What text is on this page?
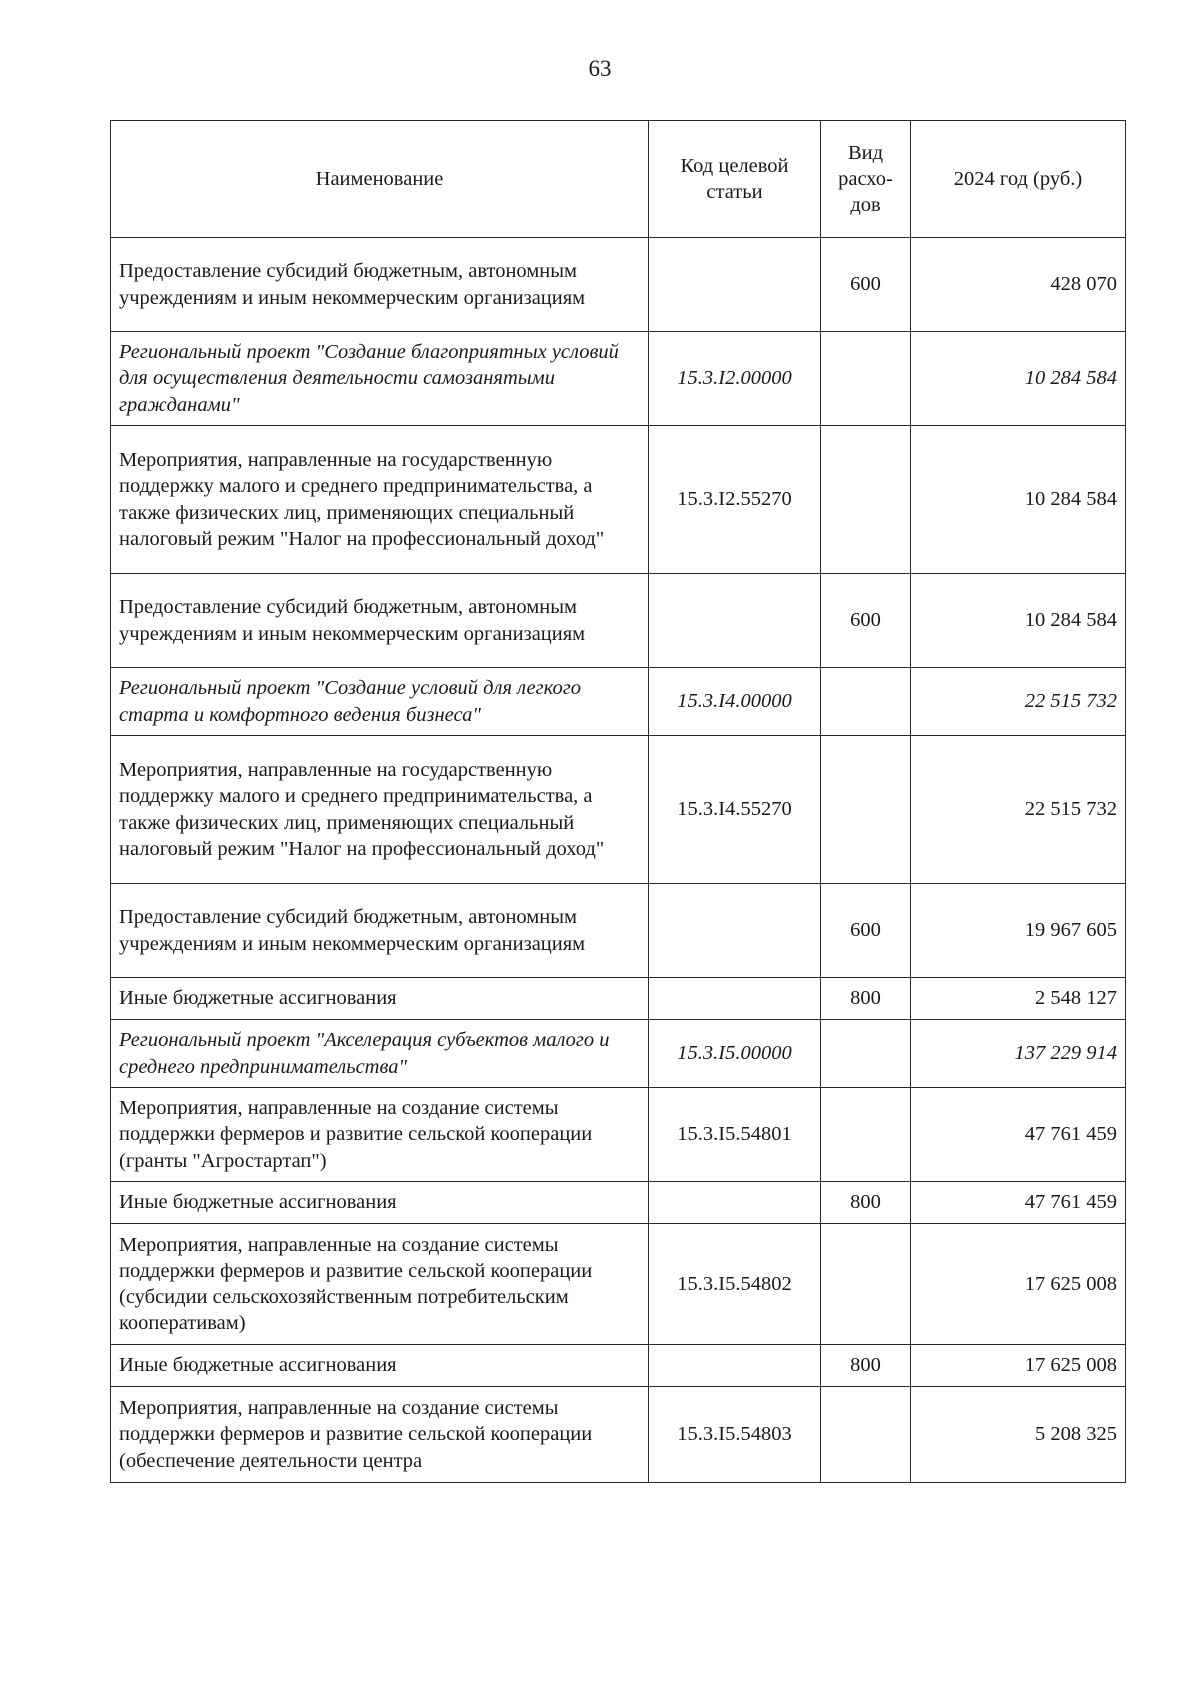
63
Наименование	Код целевой статьи	Вид расхо-дов	2024 год (руб.)
Предоставление субсидий бюджетным, автономным учреждениям и иным некоммерческим организациям		600	428 070
Региональный проект "Создание благоприятных условий для осуществления деятельности самозанятыми гражданами"	15.3.I2.00000		10 284 584
Мероприятия, направленные на государственную поддержку малого и среднего предпринимательства, а также физических лиц, применяющих специальный налоговый режим "Налог на профессиональный доход"	15.3.I2.55270		10 284 584
Предоставление субсидий бюджетным, автономным учреждениям и иным некоммерческим организациям		600	10 284 584
Региональный проект "Создание условий для легкого старта и комфортного ведения бизнеса"	15.3.I4.00000		22 515 732
Мероприятия, направленные на государственную поддержку малого и среднего предпринимательства, а также физических лиц, применяющих специальный налоговый режим "Налог на профессиональный доход"	15.3.I4.55270		22 515 732
Предоставление субсидий бюджетным, автономным учреждениям и иным некоммерческим организациям		600	19 967 605
Иные бюджетные ассигнования		800	2 548 127
Региональный проект "Акселерация субъектов малого и среднего предпринимательства"	15.3.I5.00000		137 229 914
Мероприятия, направленные на создание системы поддержки фермеров и развитие сельской кооперации (гранты "Агростартап")	15.3.I5.54801		47 761 459
Иные бюджетные ассигнования		800	47 761 459
Мероприятия, направленные на создание системы поддержки фермеров и развитие сельской кооперации (субсидии сельскохозяйственным потребительским кооперативам)	15.3.I5.54802		17 625 008
Иные бюджетные ассигнования		800	17 625 008
Мероприятия, направленные на создание системы поддержки фермеров и развитие сельской кооперации (обеспечение деятельности центра	15.3.I5.54803		5 208 325
